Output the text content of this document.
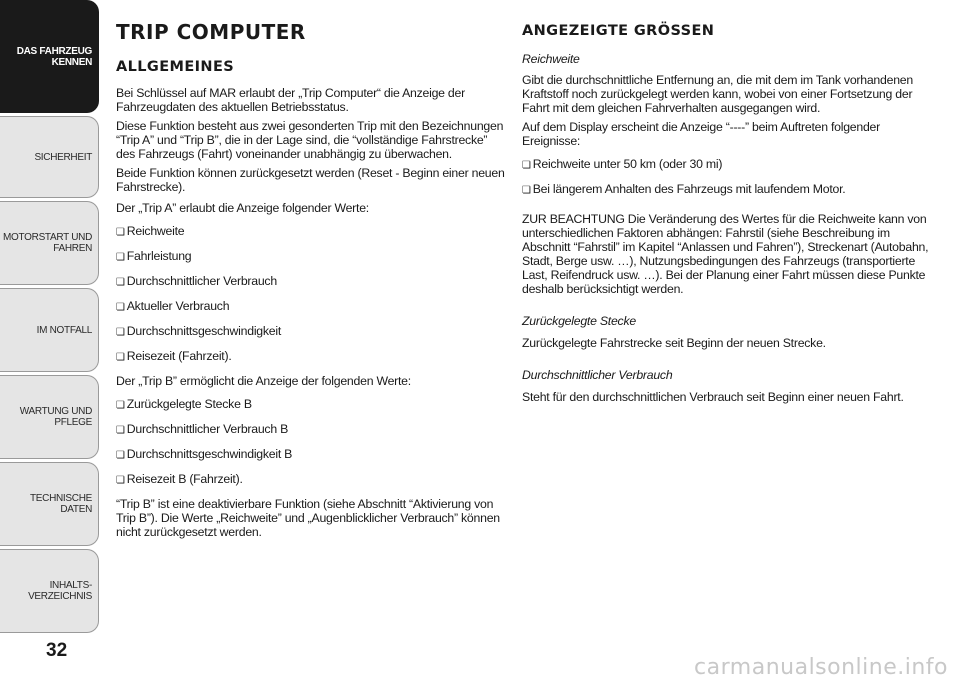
DAS FAHRZEUG
KENNEN
SICHERHEIT
MOTORSTART UND
FAHREN
IM NOTFALL
WARTUNG UND
PFLEGE
TECHNISCHE DATEN
INHALTS-
VERZEICHNIS
32
TRIP COMPUTER
ALLGEMEINES

Bei Schlüssel auf MAR erlaubt der „Trip Computer“ die Anzeige der Fahrzeugdaten des aktuellen Betriebsstatus.

Diese Funktion besteht aus zwei gesonderten Trip mit den Bezeichnungen “Trip A” und “Trip B”, die in der Lage sind, die “vollständige Fahrstrecke” des Fahrzeugs (Fahrt) voneinander unabhängig zu überwachen.

Beide Funktion können zurückgesetzt werden (Reset - Beginn einer neuen Fahrstrecke).

Der „Trip A” erlaubt die Anzeige folgender Werte:

❏ Reichweite

❏ Fahrleistung

❏ Durchschnittlicher Verbrauch

❏ Aktueller Verbrauch

❏ Durchschnittsgeschwindigkeit

❏ Reisezeit (Fahrzeit).

Der „Trip B” ermöglicht die Anzeige der folgenden Werte:

❏ Zurückgelegte Stecke B

❏ Durchschnittlicher Verbrauch B

❏ Durchschnittsgeschwindigkeit B

❏ Reisezeit B (Fahrzeit).

“Trip B” ist eine deaktivierbare Funktion (siehe Abschnitt “Aktivierung von Trip B”). Die Werte „Reichweite” und „Augenblicklicher Verbrauch” können nicht zurückgesetzt werden.

ANGEZEIGTE GRÖSSEN

Reichweite

Gibt die durchschnittliche Entfernung an, die mit dem im Tank vorhandenen Kraftstoff noch zurückgelegt werden kann, wobei von einer Fortsetzung der Fahrt mit dem gleichen Fahrverhalten ausgegangen wird.

Auf dem Display erscheint die Anzeige “----” beim Auftreten folgender Ereignisse:

❏ Reichweite unter 50 km (oder 30 mi)

❏ Bei längerem Anhalten des Fahrzeugs mit laufendem Motor.

ZUR BEACHTUNG Die Veränderung des Wertes für die Reichweite kann von unterschiedlichen Faktoren abhängen: Fahrstil (siehe Beschreibung im Abschnitt “Fahrstil” im Kapitel “Anlassen und Fahren”), Streckenart (Autobahn, Stadt, Berge usw. …), Nutzungsbedingungen des Fahrzeugs (transportierte Last, Reifendruck usw. …). Bei der Planung einer Fahrt müssen diese Punkte deshalb berücksichtigt werden.

Zurückgelegte Stecke

Zurückgelegte Fahrstrecke seit Beginn der neuen Strecke.

Durchschnittlicher Verbrauch

Steht für den durchschnittlichen Verbrauch seit Beginn einer neuen Fahrt.

carmanualsonline.info
